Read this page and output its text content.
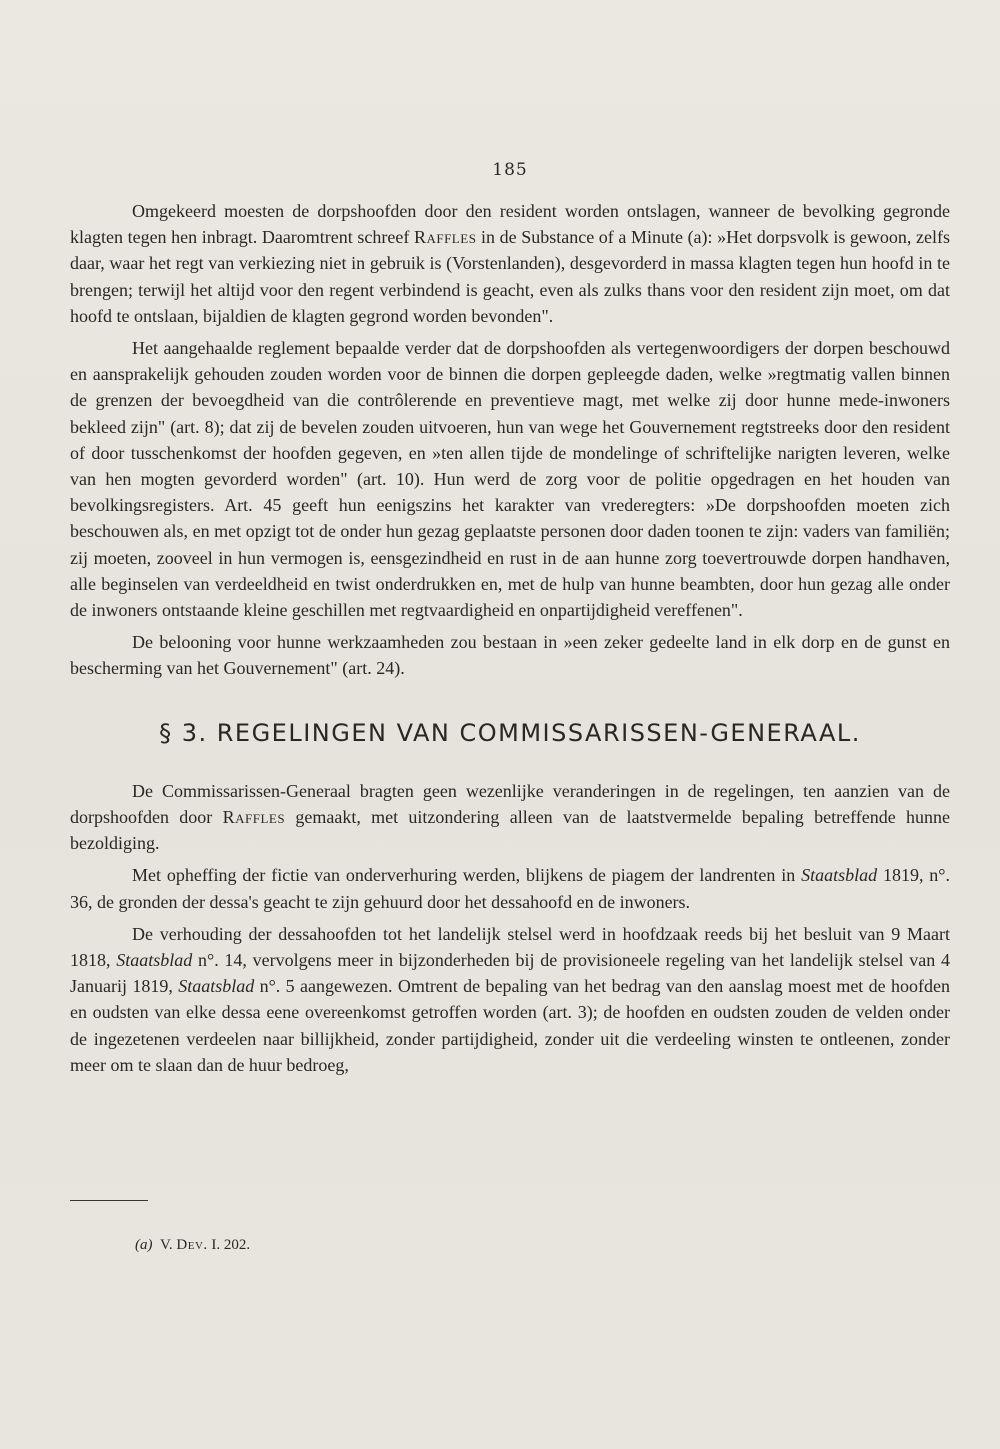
185

Omgekeerd moesten de dorpshoofden door den resident worden ontslagen, wanneer de bevolking gegronde klagten tegen hen inbragt. Daaromtrent schreef Raffles in de Substance of a Minute (a): »Het dorpsvolk is gewoon, zelfs daar, waar het regt van verkiezing niet in gebruik is (Vorstenlanden), desgevorderd in massa klagten tegen hun hoofd in te brengen; terwijl het altijd voor den regent verbindend is geacht, even als zulks thans voor den resident zijn moet, om dat hoofd te ontslaan, bijaldien de klagten gegrond worden bevonden".

Het aangehaalde reglement bepaalde verder dat de dorpshoofden als vertegenwoordigers der dorpen beschouwd en aansprakelijk gehouden zouden worden voor de binnen die dorpen gepleegde daden, welke »regtmatig vallen binnen de grenzen der bevoegdheid van die contrôlerende en preventieve magt, met welke zij door hunne mede-inwoners bekleed zijn" (art. 8); dat zij de bevelen zouden uitvoeren, hun van wege het Gouvernement regtstreeks door den resident of door tusschenkomst der hoofden gegeven, en »ten allen tijde de mondelinge of schriftelijke narigten leveren, welke van hen mogten gevorderd worden" (art. 10). Hun werd de zorg voor de politie opgedragen en het houden van bevolkingsregisters. Art. 45 geeft hun eenigszins het karakter van vrederegters: »De dorpshoofden moeten zich beschouwen als, en met opzigt tot de onder hun gezag geplaatste personen door daden toonen te zijn: vaders van familiën; zij moeten, zooveel in hun vermogen is, eensgezindheid en rust in de aan hunne zorg toevertrouwde dorpen handhaven, alle beginselen van verdeeldheid en twist onderdrukken en, met de hulp van hunne beambten, door hun gezag alle onder de inwoners ontstaande kleine geschillen met regtvaardigheid en onpartijdigheid vereffenen".

De belooning voor hunne werkzaamheden zou bestaan in »een zeker gedeelte land in elk dorp en de gunst en bescherming van het Gouvernement" (art. 24).

§ 3. REGELINGEN VAN COMMISSARISSEN-GENERAAL.

De Commissarissen-Generaal bragten geen wezenlijke veranderingen in de regelingen, ten aanzien van de dorpshoofden door Raffles gemaakt, met uitzondering alleen van de laatstvermelde bepaling betreffende hunne bezoldiging.

Met opheffing der fictie van onderverhuring werden, blijkens de piagem der landrenten in Staatsblad 1819, n°. 36, de gronden der dessa's geacht te zijn gehuurd door het dessahoofd en de inwoners.

De verhouding der dessahoofden tot het landelijk stelsel werd in hoofdzaak reeds bij het besluit van 9 Maart 1818, Staatsblad n°. 14, vervolgens meer in bijzonderheden bij de provisioneele regeling van het landelijk stelsel van 4 Januarij 1819, Staatsblad n°. 5 aangewezen. Omtrent de bepaling van het bedrag van den aanslag moest met de hoofden en oudsten van elke dessa eene overeenkomst getroffen worden (art. 3); de hoofden en oudsten zouden de velden onder de ingezetenen verdeelen naar billijkheid, zonder partijdigheid, zonder uit die verdeeling winsten te ontleenen, zonder meer om te slaan dan de huur bedroeg,

(a) V. Dev. I. 202.
